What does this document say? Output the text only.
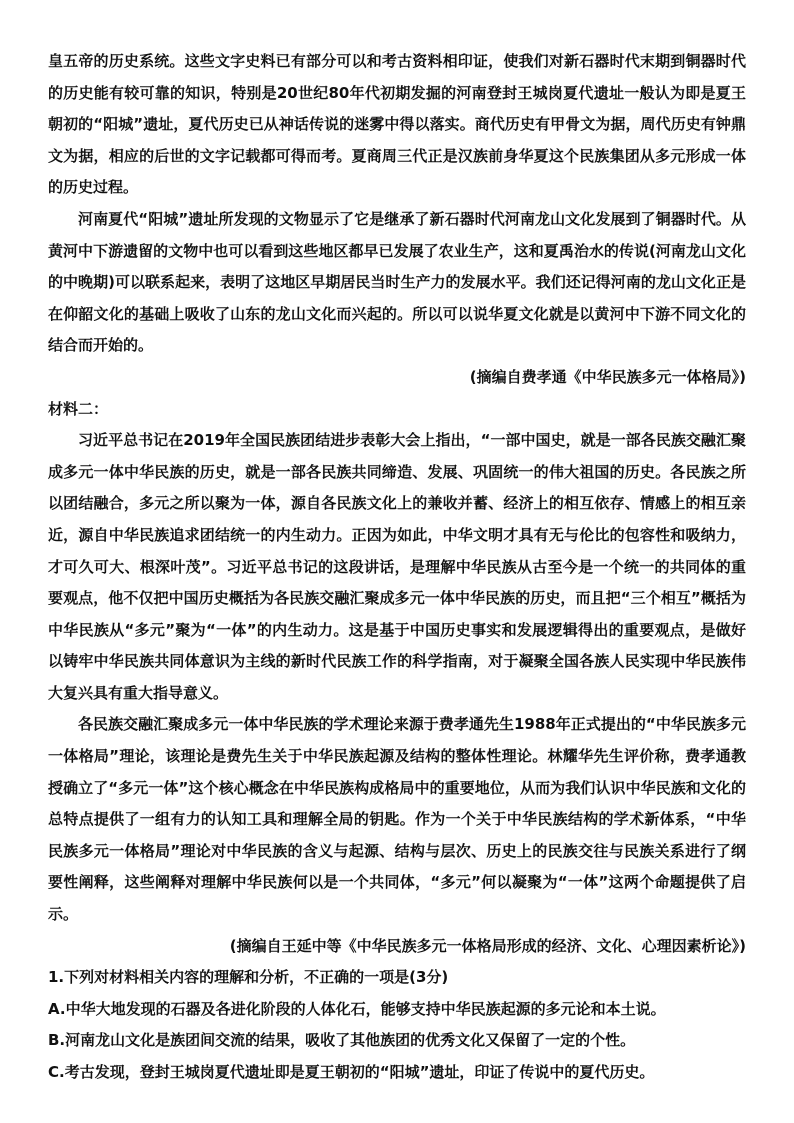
皇五帝的历史系统。这些文字史料已有部分可以和考古资料相印证，使我们对新石器时代末期到铜器时代的历史能有较可靠的知识，特别是20世纪80年代初期发掘的河南登封王城岗夏代遗址一般认为即是夏王朝初的“阳城”遗址，夏代历史已从神话传说的迷雾中得以落实。商代历史有甲骨文为据，周代历史有钟鼎文为据，相应的后世的文字记载都可得而考。夏商周三代正是汉族前身华夏这个民族集团从多元形成一体的历史过程。

河南夏代“阳城”遗址所发现的文物显示了它是继承了新石器时代河南龙山文化发展到了铜器时代。从黄河中下游遗留的文物中也可以看到这些地区都早已发展了农业生产，这和夏禹治水的传说(河南龙山文化的中晚期)可以联系起来，表明了这地区早期居民当时生产力的发展水平。我们还记得河南的龙山文化正是在仰韶文化的基础上吸收了山东的龙山文化而兴起的。所以可以说华夏文化就是以黄河中下游不同文化的结合而开始的。

(摘编自费孝通《中华民族多元一体格局》)

材料二：

习近平总书记在2019年全国民族团结进步表彰大会上指出，“一部中国史，就是一部各民族交融汇聚成多元一体中华民族的历史，就是一部各民族共同缔造、发展、巩固统一的伟大祖国的历史。各民族之所以团结融合，多元之所以聚为一体，源自各民族文化上的兼收并蓄、经济上的相互依存、情感上的相互亲近，源自中华民族追求团结统一的内生动力。正因为如此，中华文明才具有无与伦比的包容性和吸纳力，才可久可大、根深叶茂”。习近平总书记的这段讲话，是理解中华民族从古至今是一个统一的共同体的重要观点，他不仅把中国历史概括为各民族交融汇聚成多元一体中华民族的历史，而且把“三个相互”概括为中华民族从“多元”聚为“一体”的内生动力。这是基于中国历史事实和发展逻辑得出的重要观点，是做好以铸牢中华民族共同体意识为主线的新时代民族工作的科学指南，对于凝聚全国各族人民实现中华民族伟大复兴具有重大指导意义。

各民族交融汇聚成多元一体中华民族的学术理论来源于费孝通先生1988年正式提出的“中华民族多元一体格局”理论，该理论是费先生关于中华民族起源及结构的整体性理论。林耀华先生评价称，费孝通教授确立了“多元一体”这个核心概念在中华民族构成格局中的重要地位，从而为我们认识中华民族和文化的总特点提供了一组有力的认知工具和理解全局的钥匙。作为一个关于中华民族结构的学术新体系，“中华民族多元一体格局”理论对中华民族的含义与起源、结构与层次、历史上的民族交往与民族关系进行了纲要性阐释，这些阐释对理解中华民族何以是一个共同体，“多元”何以凝聚为“一体”这两个命题提供了启示。

(摘编自王延中等《中华民族多元一体格局形成的经济、文化、心理因素析论》)

1.下列对材料相关内容的理解和分析，不正确的一项是(3分)

A.中华大地发现的石器及各进化阶段的人体化石，能够支持中华民族起源的多元论和本土说。

B.河南龙山文化是族团间交流的结果，吸收了其他族团的优秀文化又保留了一定的个性。

C.考古发现，登封王城岗夏代遗址即是夏王朝初的“阳城”遗址，印证了传说中的夏代历史。
